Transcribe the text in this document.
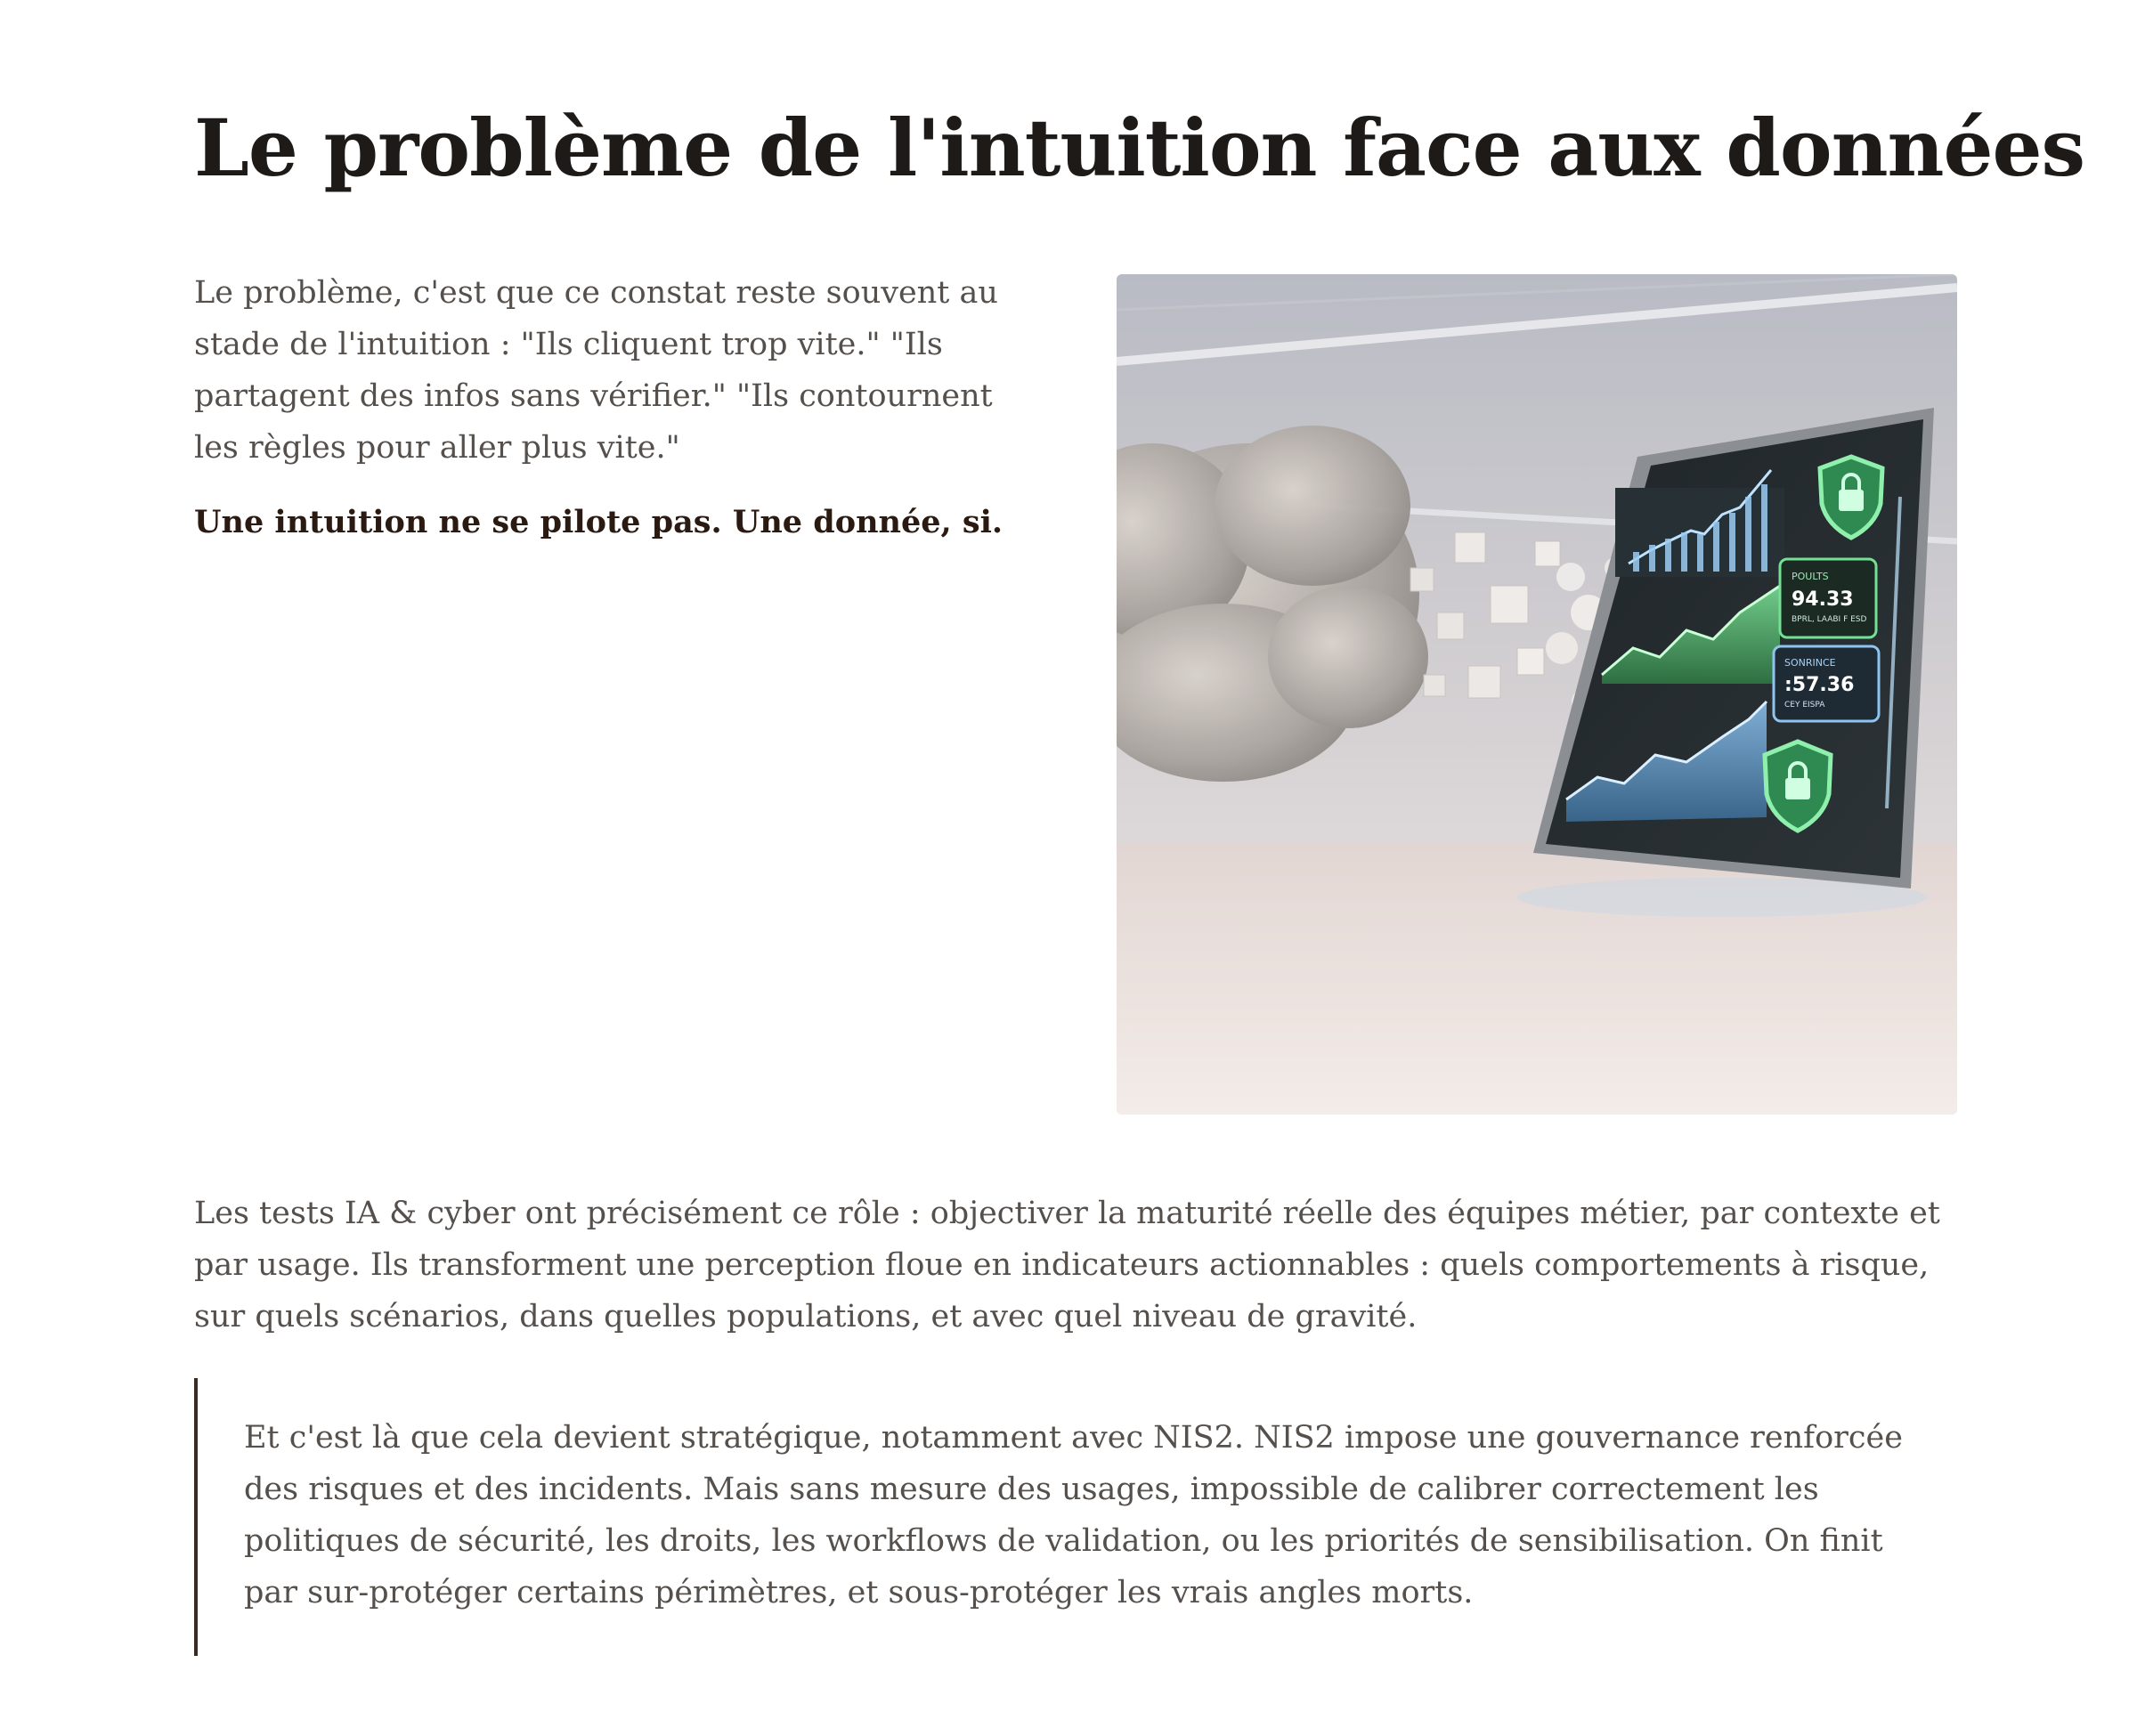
Le problème de l'intuition face aux données

Le problème, c'est que ce constat reste souvent au stade de l'intuition : "Ils cliquent trop vite." "Ils partagent des infos sans vérifier." "Ils contournent les règles pour aller plus vite."

Une intuition ne se pilote pas. Une donnée, si.

POULTS
94.33
BPRL, LAABI F ESD
SONRINCE
:57.36
CEY EISPA

Les tests IA & cyber ont précisément ce rôle : objectiver la maturité réelle des équipes métier, par contexte et par usage. Ils transforment une perception floue en indicateurs actionnables : quels comportements à risque, sur quels scénarios, dans quelles populations, et avec quel niveau de gravité.

Et c'est là que cela devient stratégique, notamment avec NIS2. NIS2 impose une gouvernance renforcée des risques et des incidents. Mais sans mesure des usages, impossible de calibrer correctement les politiques de sécurité, les droits, les workflows de validation, ou les priorités de sensibilisation. On finit par sur-protéger certains périmètres, et sous-protéger les vrais angles morts.
